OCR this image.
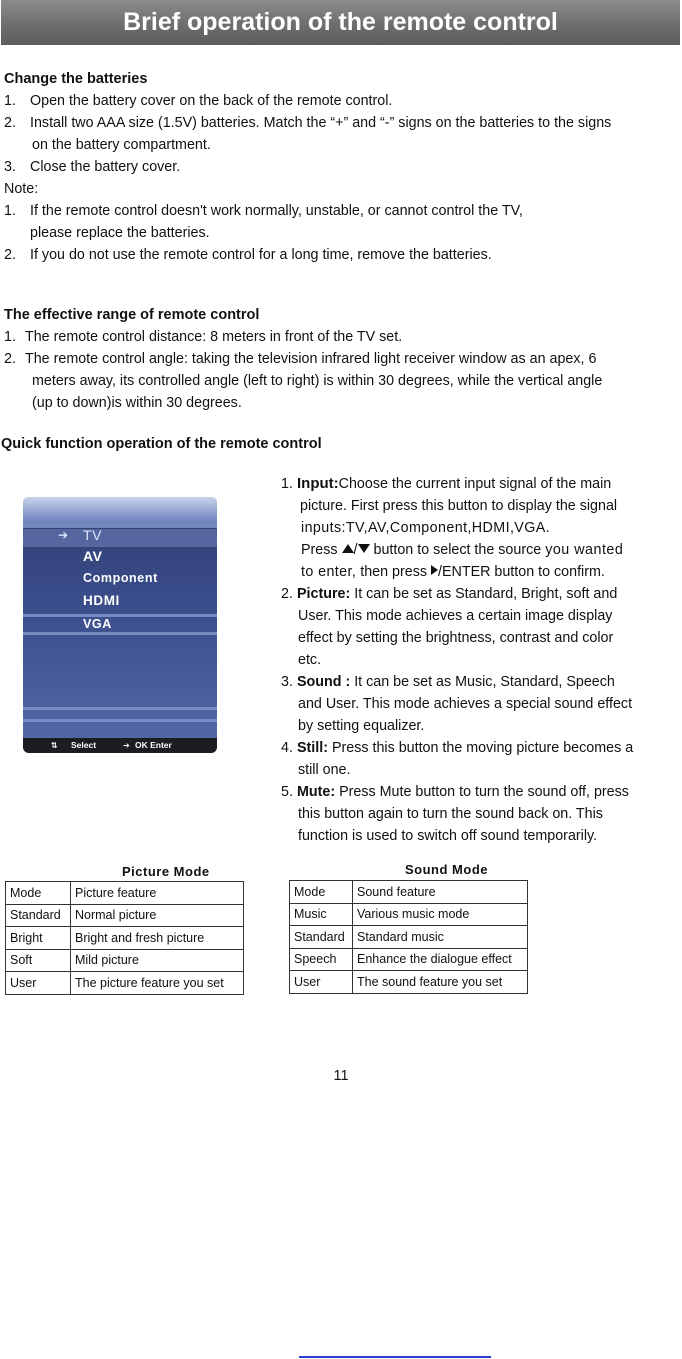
Brief operation of the remote control
Change the batteries
1. Open the battery cover on the back of the remote control.
2. Install two AAA size (1.5V) batteries. Match the “+” and “-” signs on the batteries to the signs
on the battery compartment.
3. Close the battery cover.
Note:
1. If the remote control doesn't work normally, unstable, or cannot control the TV,
please replace the batteries.
2. If you do not use the remote control for a long time, remove the batteries.
The effective range of remote control
1. The remote control distance: 8 meters in front of the TV set.
2. The remote control angle: taking the television infrared light receiver window as an apex, 6
meters away, its controlled angle (left to right) is within 30 degrees, while the vertical angle
(up to down)is within 30 degrees.
Quick function operation of the remote control
➔ TV
AV
Component
HDMI
VGA
⇅ Select	➔ OK Enter
1. Input:Choose the current input signal of the main
picture. First press this button to display the signal
inputs:TV,AV,Component,HDMI,VGA.
Press / button to select the source you wanted
to enter, then press /ENTER button to confirm.
2. Picture: It can be set as Standard, Bright, soft and
User. This mode achieves a certain image display
effect by setting the brightness, contrast and color
etc.
3. Sound : It can be set as Music, Standard, Speech
and User. This mode achieves a special sound effect
by setting equalizer.
4. Still: Press this button the moving picture becomes a
still one.
5. Mute: Press Mute button to turn the sound off, press
this button again to turn the sound back on. This
function is used to switch off sound temporarily.
Picture Mode
Mode	Picture feature
Standard	Normal picture
Bright	Bright and fresh picture
Soft	Mild picture
User	The picture feature you set
Sound Mode
Mode	Sound feature
Music	Various music mode
Standard	Standard music
Speech	Enhance the dialogue effect
User	The sound feature you set
11
